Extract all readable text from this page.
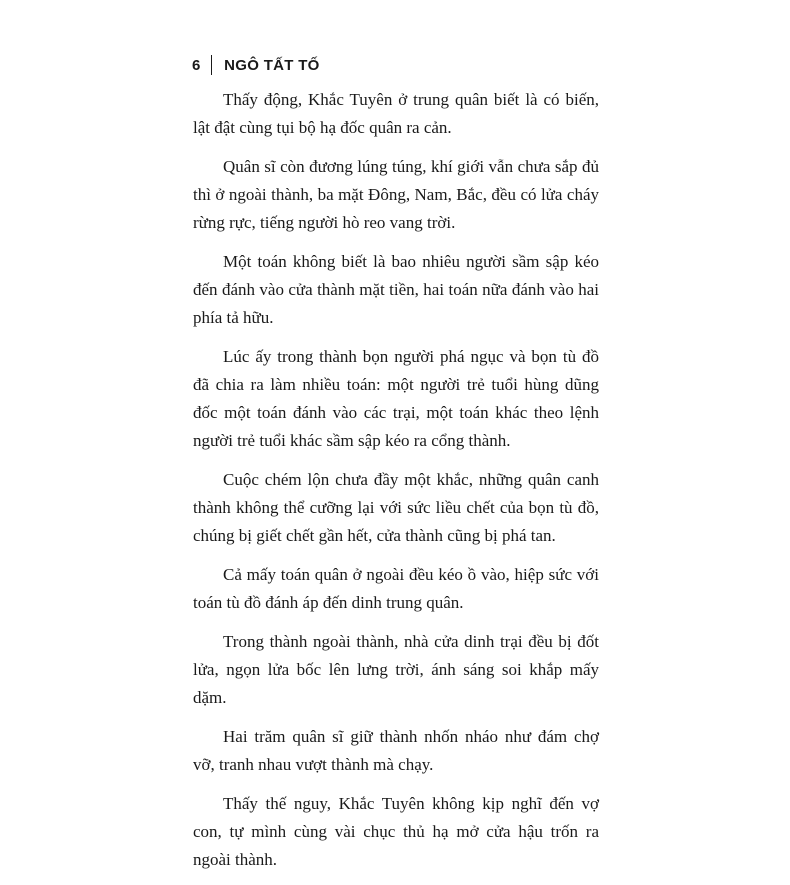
6 NGÔ TẤT TỐ

Thấy động, Khắc Tuyên ở trung quân biết là có biến, lật đật cùng tụi bộ hạ đốc quân ra cản.

Quân sĩ còn đương lúng túng, khí giới vẫn chưa sắp đủ thì ở ngoài thành, ba mặt Đông, Nam, Bắc, đều có lửa cháy rừng rực, tiếng người hò reo vang trời.

Một toán không biết là bao nhiêu người sầm sập kéo đến đánh vào cửa thành mặt tiền, hai toán nữa đánh vào hai phía tả hữu.

Lúc ấy trong thành bọn người phá ngục và bọn tù đồ đã chia ra làm nhiều toán: một người trẻ tuổi hùng dũng đốc một toán đánh vào các trại, một toán khác theo lệnh người trẻ tuổi khác sầm sập kéo ra cổng thành.

Cuộc chém lộn chưa đầy một khắc, những quân canh thành không thể cưỡng lại với sức liều chết của bọn tù đồ, chúng bị giết chết gần hết, cửa thành cũng bị phá tan.

Cả mấy toán quân ở ngoài đều kéo ồ vào, hiệp sức với toán tù đồ đánh áp đến dinh trung quân.

Trong thành ngoài thành, nhà cửa dinh trại đều bị đốt lửa, ngọn lửa bốc lên lưng trời, ánh sáng soi khắp mấy dặm.

Hai trăm quân sĩ giữ thành nhốn nháo như đám chợ vỡ, tranh nhau vượt thành mà chạy.

Thấy thế nguy, Khắc Tuyên không kịp nghĩ đến vợ con, tự mình cùng vài chục thủ hạ mở cửa hậu trốn ra ngoài thành.
